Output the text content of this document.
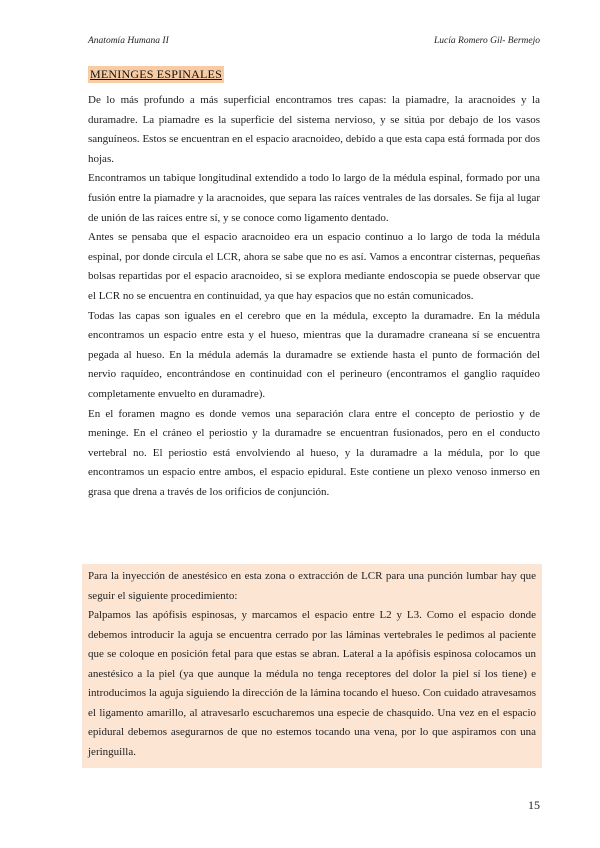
Anatomía Humana II	Lucía Romero Gil- Bermejo
MENINGES ESPINALES

De lo más profundo a más superficial encontramos tres capas: la piamadre, la aracnoides y la duramadre. La piamadre es la superficie del sistema nervioso, y se sitúa por debajo de los vasos sanguíneos. Estos se encuentran en el espacio aracnoideo, debido a que esta capa está formada por dos hojas.

Encontramos un tabique longitudinal extendido a todo lo largo de la médula espinal, formado por una fusión entre la piamadre y la aracnoides, que separa las raíces ventrales de las dorsales. Se fija al lugar de unión de las raíces entre sí, y se conoce como ligamento dentado.

Antes se pensaba que el espacio aracnoideo era un espacio continuo a lo largo de toda la médula espinal, por donde circula el LCR, ahora se sabe que no es así. Vamos a encontrar cisternas, pequeñas bolsas repartidas por el espacio aracnoideo, si se explora mediante endoscopia se puede observar que el LCR no se encuentra en continuidad, ya que hay espacios que no están comunicados.

Todas las capas son iguales en el cerebro que en la médula, excepto la duramadre. En la médula encontramos un espacio entre esta y el hueso, mientras que la duramadre craneana sí se encuentra pegada al hueso. En la médula además la duramadre se extiende hasta el punto de formación del nervio raquídeo, encontrándose en continuidad con el perineuro (encontramos el ganglio raquídeo completamente envuelto en duramadre).

En el foramen magno es donde vemos una separación clara entre el concepto de periostio y de meninge. En el cráneo el periostio y la duramadre se encuentran fusionados, pero en el conducto vertebral no. El periostio está envolviendo al hueso, y la duramadre a la médula, por lo que encontramos un espacio entre ambos, el espacio epidural. Este contiene un plexo venoso inmerso en grasa que drena a través de los orificios de conjunción.

Para la inyección de anestésico en esta zona o extracción de LCR para una punción lumbar hay que seguir el siguiente procedimiento:

Palpamos las apófisis espinosas, y marcamos el espacio entre L2 y L3. Como el espacio donde debemos introducir la aguja se encuentra cerrado por las láminas vertebrales le pedimos al paciente que se coloque en posición fetal para que estas se abran. Lateral a la apófisis espinosa colocamos un anestésico a la piel (ya que aunque la médula no tenga receptores del dolor la piel sí los tiene) e introducimos la aguja siguiendo la dirección de la lámina tocando el hueso. Con cuidado atravesamos el ligamento amarillo, al atravesarlo escucharemos una especie de chasquido. Una vez en el espacio epidural debemos asegurarnos de que no estemos tocando una vena, por lo que aspiramos con una jeringuilla.

15
